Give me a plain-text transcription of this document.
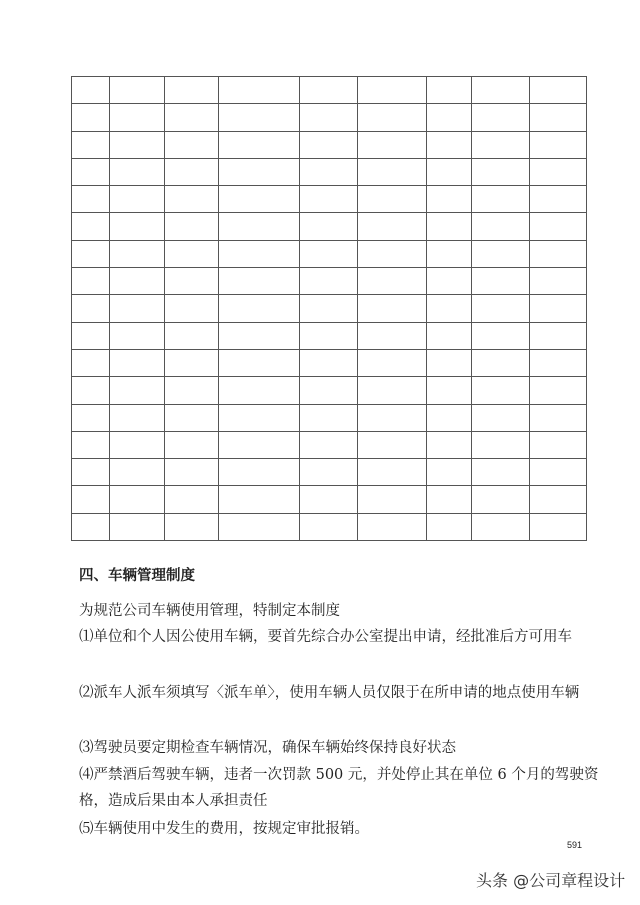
四、车辆管理制度

为规范公司车辆使用管理，特制定本制度

⑴单位和个人因公使用车辆，要首先综合办公室提出申请，经批准后方可用车

⑵派车人派车须填写〈派车单〉，使用车辆人员仅限于在所申请的地点使用车辆

⑶驾驶员要定期检查车辆情况，确保车辆始终保持良好状态

⑷严禁酒后驾驶车辆，违者一次罚款 500 元，并处停止其在单位 6 个月的驾驶资格，造成后果由本人承担责任

⑸车辆使用中发生的费用，按规定审批报销。

591
头条 @公司章程设计
